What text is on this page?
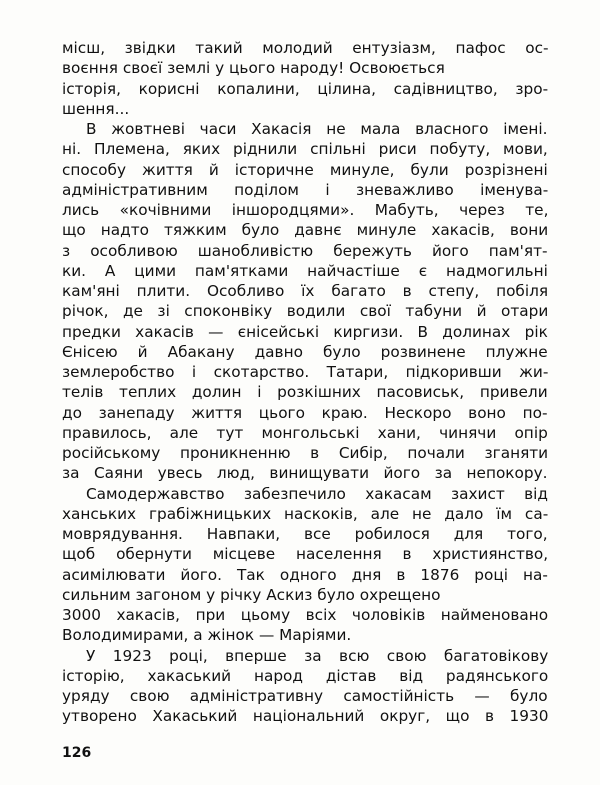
місш, звідки такий молодий ентузіазм, пафос ос-
воєння своєї землі у цього народу! Освоюється
історія, корисні копалини, цілина, садівництво, зро-
шення...
В жовтневі часи Хакасія не мала власного імені.
ні. Племена, яких ріднили спільні риси побуту, мови,
способу життя й історичне минуле, були розрізнені
адміністративним поділом і зневажливо іменува-
лись «кочівними іншородцями». Мабуть, через те,
що надто тяжким було давнє минуле хакасів, вони
з особливою шанобливістю бережуть його пам'ят-
ки. А цими пам'ятками найчастіше є надмогильні
кам'яні плити. Особливо їх багато в степу, побіля
річок, де зі споконвіку водили свої табуни й отари
предки хакасів — єнісейські киргизи. В долинах рік
Єнісею й Абакану давно було розвинене плужне
землеробство і скотарство. Татари, підкоривши жи-
телів теплих долин і розкішних пасовиськ, привели
до занепаду життя цього краю. Нескоро воно по-
правилось, але тут монгольські хани, чинячи опір
російському проникненню в Сибір, почали зганяти
за Саяни увесь люд, винищувати його за непокору.
Самодержавство забезпечило хакасам захист від
ханських грабіжницьких наскоків, але не дало їм са-
моврядування. Навпаки, все робилося для того,
щоб обернути місцеве населення в християнство,
асимілювати його. Так одного дня в 1876 році на-
сильним загоном у річку Аскиз було охрещено
3000 хакасів, при цьому всіх чоловіків найменовано
Володимирами, а жінок — Маріями.
У 1923 році, вперше за всю свою багатовікову
історію, хакаський народ дістав від радянського
уряду свою адміністративну самостійність — було
утворено Хакаський національний округ, що в 1930
126
